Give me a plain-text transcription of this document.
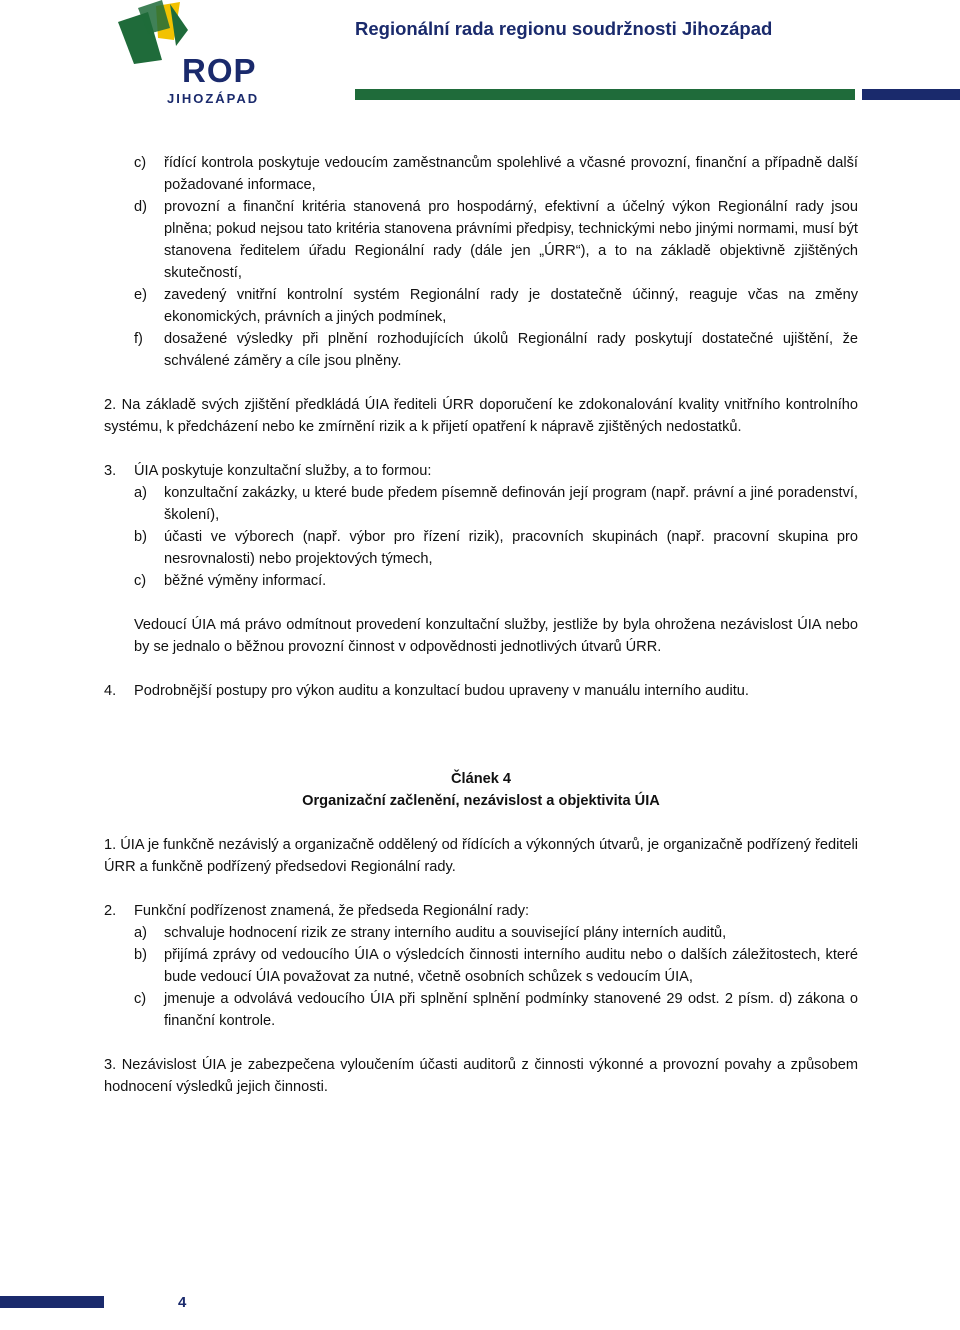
ROP
JIHOZÁPAD
Regionální rada regionu soudržnosti Jihozápad
c) řídící kontrola poskytuje vedoucím zaměstnancům spolehlivé a včasné provozní, finanční a případně další požadované informace,
d) provozní a finanční kritéria stanovená pro hospodárný, efektivní a účelný výkon Regionální rady jsou plněna; pokud nejsou tato kritéria stanovena právními předpisy, technickými nebo jinými normami, musí být stanovena ředitelem úřadu Regionální rady (dále jen „ÚRR“), a to na základě objektivně zjištěných skutečností,
e) zavedený vnitřní kontrolní systém Regionální rady je dostatečně účinný, reaguje včas na změny ekonomických, právních a jiných podmínek,
f) dosažené výsledky při plnění rozhodujících úkolů Regionální rady poskytují dostatečné ujištění, že schválené záměry a cíle jsou plněny.

2. Na základě svých zjištění předkládá ÚIA řediteli ÚRR doporučení ke zdokonalování kvality vnitřního kontrolního systému, k předcházení nebo ke zmírnění rizik a k přijetí opatření k nápravě zjištěných nedostatků.

3. ÚIA poskytuje konzultační služby, a to formou:
a) konzultační zakázky, u které bude předem písemně definován její program (např. právní a jiné poradenství, školení),
b) účasti ve výborech (např. výbor pro řízení rizik), pracovních skupinách (např. pracovní skupina pro nesrovnalosti) nebo projektových týmech,
c) běžné výměny informací.

Vedoucí ÚIA má právo odmítnout provedení konzultační služby, jestliže by byla ohrožena nezávislost ÚIA nebo by se jednalo o běžnou provozní činnost v odpovědnosti jednotlivých útvarů ÚRR.

4. Podrobnější postupy pro výkon auditu a konzultací budou upraveny v manuálu interního auditu.
Článek 4
Organizační začlenění, nezávislost a objektivita ÚIA

1. ÚIA je funkčně nezávislý a organizačně oddělený od řídících a výkonných útvarů, je organizačně podřízený řediteli ÚRR a funkčně podřízený předsedovi Regionální rady.

2. Funkční podřízenost znamená, že předseda Regionální rady:
a) schvaluje hodnocení rizik ze strany interního auditu a související plány interních auditů,
b) přijímá zprávy od vedoucího ÚIA o výsledcích činnosti interního auditu nebo o dalších záležitostech, které bude vedoucí ÚIA považovat za nutné, včetně osobních schůzek s vedoucím ÚIA,
c) jmenuje a odvolává vedoucího ÚIA při splnění splnění podmínky stanovené 29 odst. 2 písm. d) zákona o finanční kontrole.

3. Nezávislost ÚIA je zabezpečena vyloučením účasti auditorů z činnosti výkonné a provozní povahy a způsobem hodnocení výsledků jejich činnosti.

4
